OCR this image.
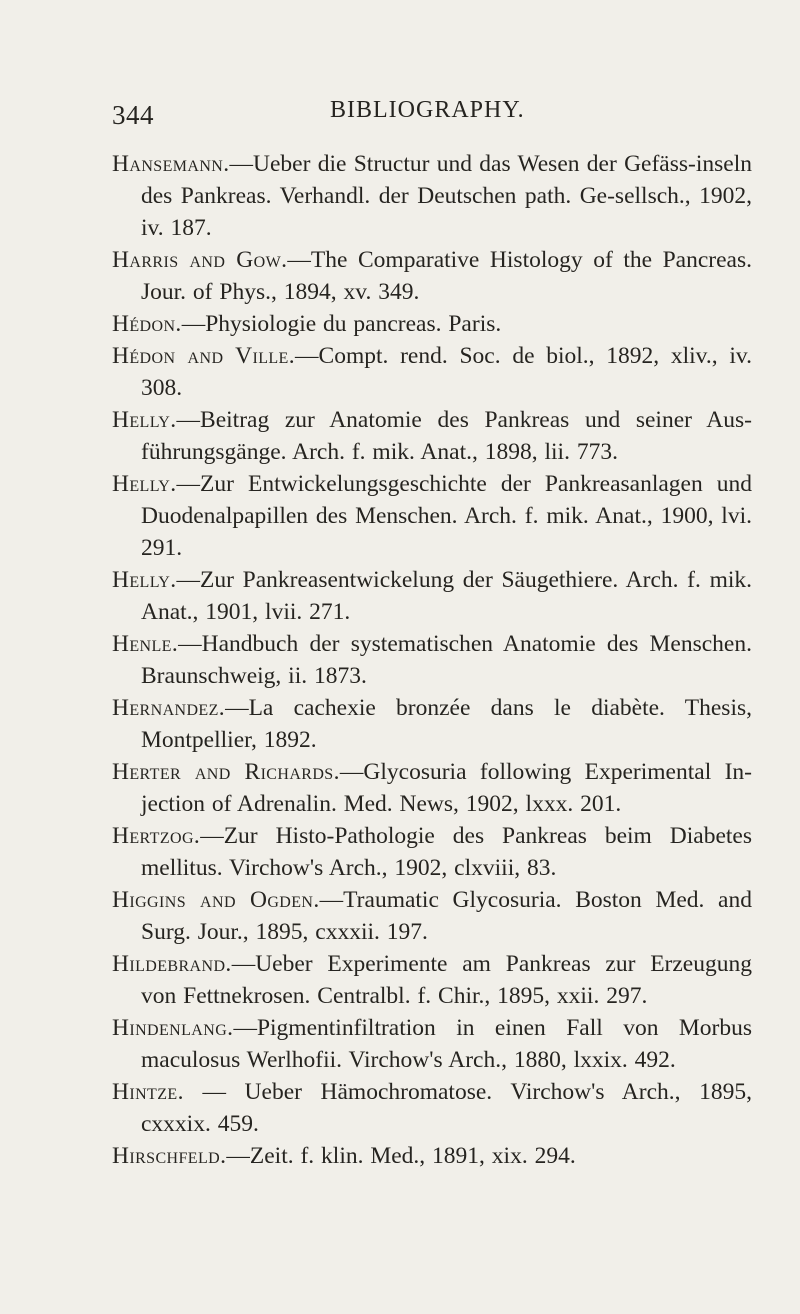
344	BIBLIOGRAPHY.

Hansemann.—Ueber die Structur und das Wesen der Gefäss-inseln des Pankreas. Verhandl. der Deutschen path. Ge-sellsch., 1902, iv. 187.

Harris and Gow.—The Comparative Histology of the Pancreas. Jour. of Phys., 1894, xv. 349.

Hédon.—Physiologie du pancreas. Paris.

Hédon and Ville.—Compt. rend. Soc. de biol., 1892, xliv., iv. 308.

Helly.—Beitrag zur Anatomie des Pankreas und seiner Aus-führungsgänge. Arch. f. mik. Anat., 1898, lii. 773.

Helly.—Zur Entwickelungsgeschichte der Pankreasanlagen und Duodenalpapillen des Menschen. Arch. f. mik. Anat., 1900, lvi. 291.

Helly.—Zur Pankreasentwickelung der Säugethiere. Arch. f. mik. Anat., 1901, lvii. 271.

Henle.—Handbuch der systematischen Anatomie des Menschen. Braunschweig, ii. 1873.

Hernandez.—La cachexie bronzée dans le diabète. Thesis, Montpellier, 1892.

Herter and Richards.—Glycosuria following Experimental In-jection of Adrenalin. Med. News, 1902, lxxx. 201.

Hertzog.—Zur Histo-Pathologie des Pankreas beim Diabetes mellitus. Virchow's Arch., 1902, clxviii, 83.

Higgins and Ogden.—Traumatic Glycosuria. Boston Med. and Surg. Jour., 1895, cxxxii. 197.

Hildebrand.—Ueber Experimente am Pankreas zur Erzeugung von Fettnekrosen. Centralbl. f. Chir., 1895, xxii. 297.

Hindenlang.—Pigmentinfiltration in einen Fall von Morbus maculosus Werlhofii. Virchow's Arch., 1880, lxxix. 492.

Hintze. — Ueber Hämochromatose. Virchow's Arch., 1895, cxxxix. 459.

Hirschfeld.—Zeit. f. klin. Med., 1891, xix. 294.
